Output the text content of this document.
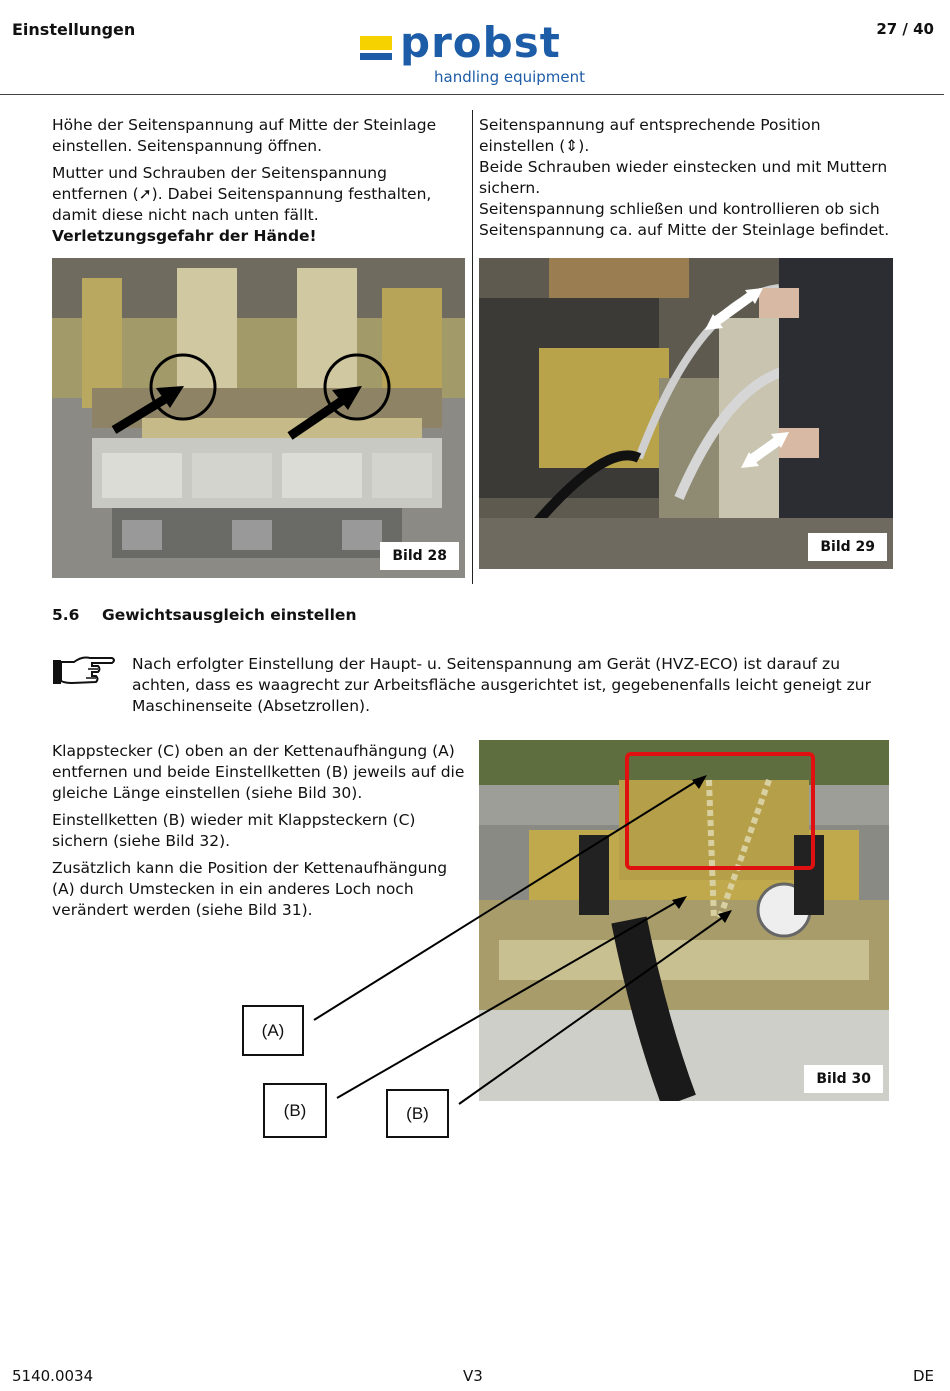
Einstellungen	probst
handling equipment
27 / 40

Höhe der Seitenspannung auf Mitte der Steinlage einstellen. Seitenspannung öffnen.

Mutter und Schrauben der Seitenspannung entfernen (➚). Dabei Seitenspannung festhalten, damit diese nicht nach unten fällt.

Verletzungsgefahr der Hände!

Seitenspannung auf entsprechende Position einstellen (⇕).

Beide Schrauben wieder einstecken und mit Muttern sichern.

Seitenspannung schließen und kontrollieren ob sich Seitenspannung ca. auf Mitte der Steinlage befindet.

Bild 28
Bild 29
5.6 Gewichtsausgleich einstellen

Nach erfolgter Einstellung der Haupt- u. Seitenspannung am Gerät (HVZ-ECO) ist darauf zu achten, dass es waagrecht zur Arbeitsfläche ausgerichtet ist, gegebenenfalls leicht geneigt zur Maschinenseite (Absetzrollen).

Klappstecker (C) oben an der Kettenaufhängung (A) entfernen und beide Einstellketten (B) jeweils auf die gleiche Länge einstellen (siehe Bild 30).

Einstellketten (B) wieder mit Klappsteckern (C) sichern (siehe Bild 32).

Zusätzlich kann die Position der Kettenaufhängung (A) durch Umstecken in ein anderes Loch noch verändert werden (siehe Bild 31).

Bild 30
(A)
(B)	(B)
5140.0034	V3	DE
